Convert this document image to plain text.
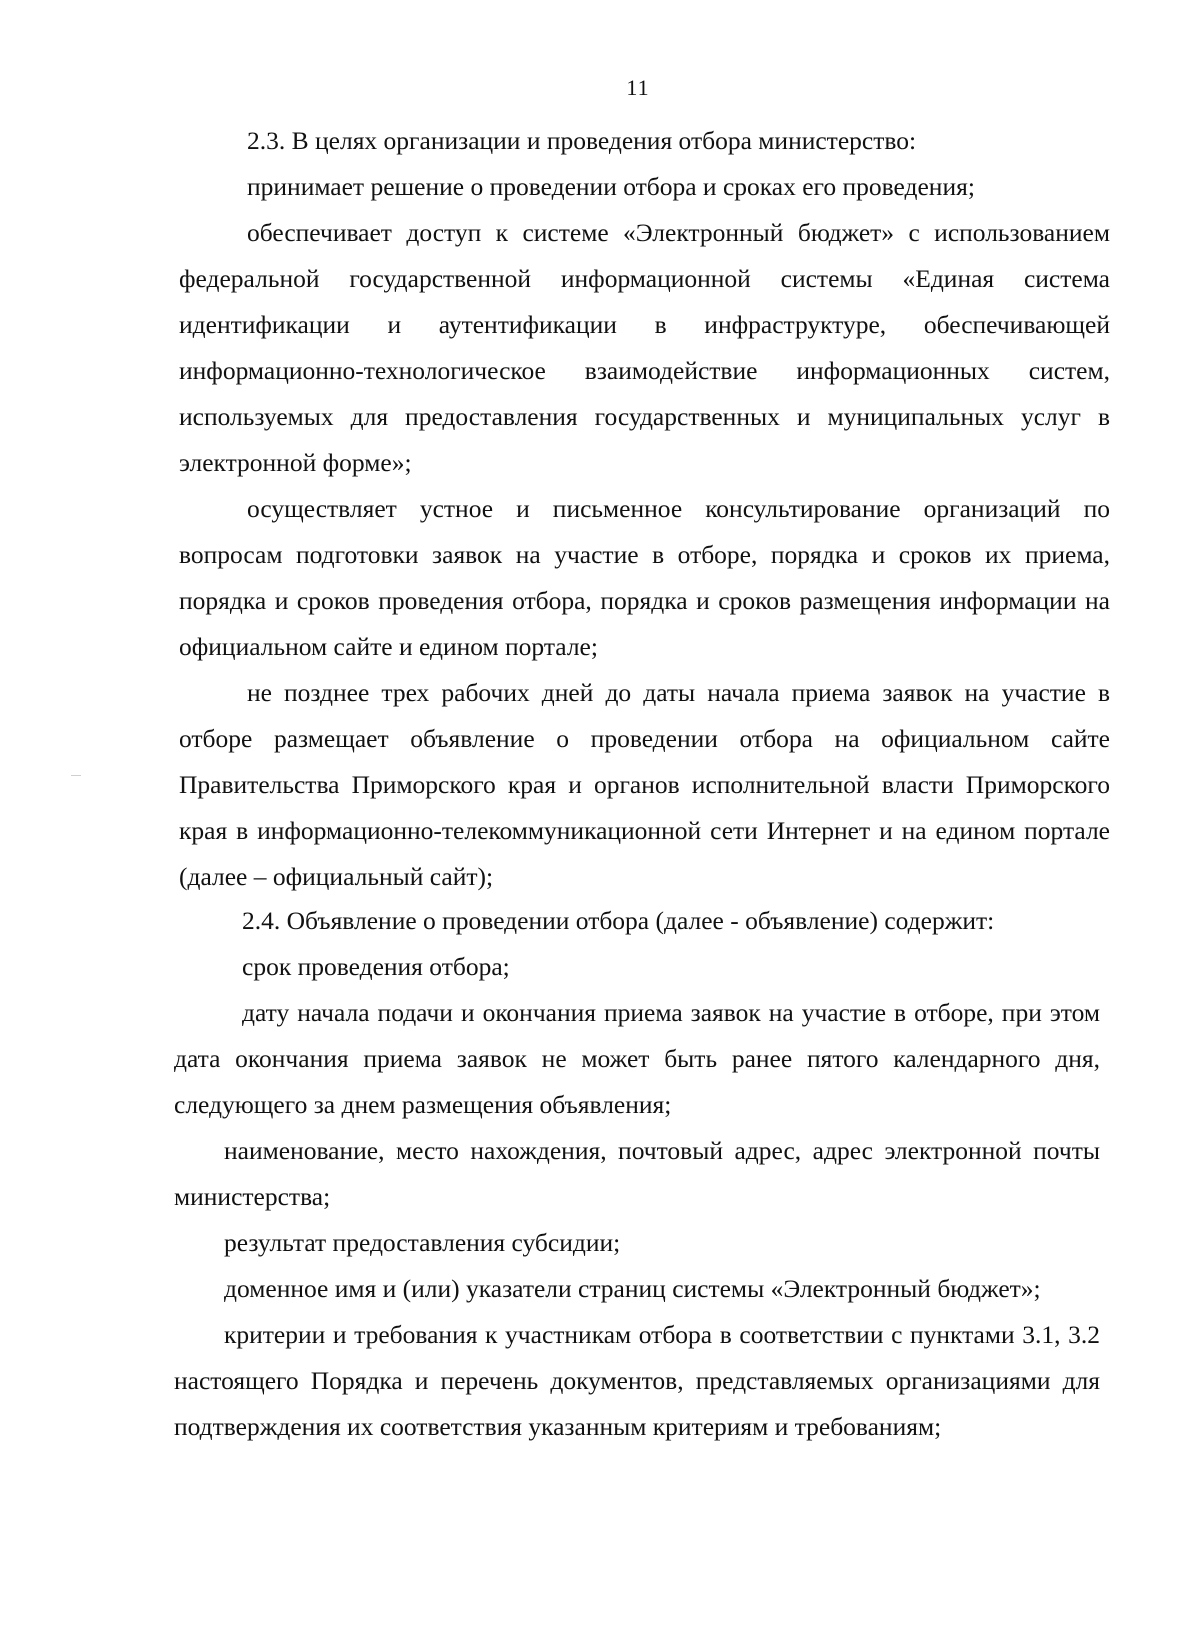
11

2.3. В целях организации и проведения отбора министерство:

принимает решение о проведении отбора и сроках его проведения;

обеспечивает доступ к системе «Электронный бюджет» с использованием федеральной государственной информационной системы «Единая система идентификации и аутентификации в инфраструктуре, обеспечивающей информационно-технологическое взаимодействие информационных систем, используемых для предоставления государственных и муниципальных услуг в электронной форме»;

осуществляет устное и письменное консультирование организаций по вопросам подготовки заявок на участие в отборе, порядка и сроков их приема, порядка и сроков проведения отбора, порядка и сроков размещения информации на официальном сайте и едином портале;

не позднее трех рабочих дней до даты начала приема заявок на участие в отборе размещает объявление о проведении отбора на официальном сайте Правительства Приморского края и органов исполнительной власти Приморского края в информационно-телекоммуникационной сети Интернет и на едином портале (далее – официальный сайт);

2.4. Объявление о проведении отбора (далее - объявление) содержит:

срок проведения отбора;

дату начала подачи и окончания приема заявок на участие в отборе, при этом дата окончания приема заявок не может быть ранее пятого календарного дня, следующего за днем размещения объявления;

наименование, место нахождения, почтовый адрес, адрес электронной почты министерства;

результат предоставления субсидии;

доменное имя и (или) указатели страниц системы «Электронный бюджет»;

критерии и требования к участникам отбора в соответствии с пунктами 3.1, 3.2 настоящего Порядка и перечень документов, представляемых организациями для подтверждения их соответствия указанным критериям и требованиям;
